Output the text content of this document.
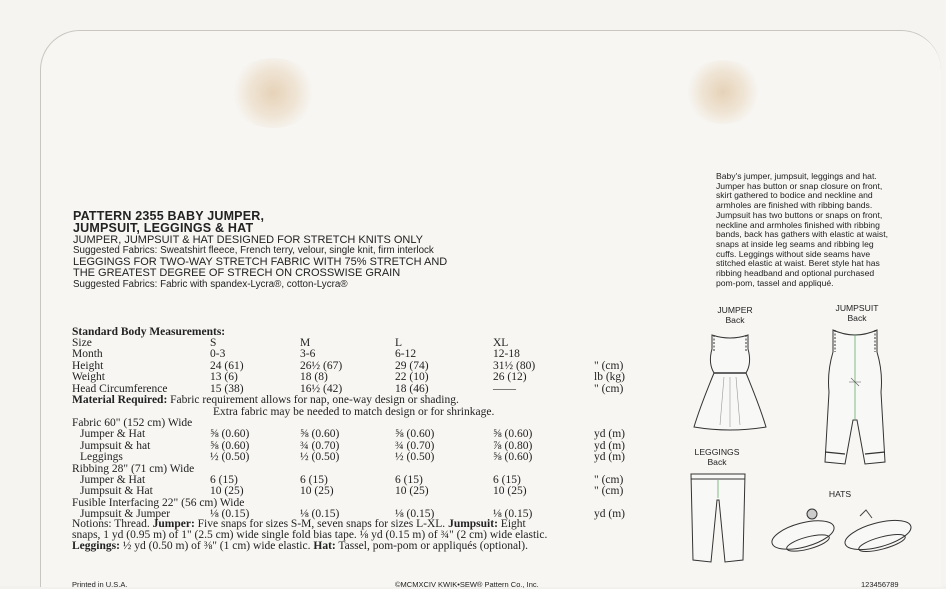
PATTERN 2355 BABY JUMPER,
JUMPSUIT, LEGGINGS & HAT
JUMPER, JUMPSUIT & HAT DESIGNED FOR STRETCH KNITS ONLY
Suggested Fabrics: Sweatshirt fleece, French terry, velour, single knit, firm interlock
LEGGINGS FOR TWO-WAY STRETCH FABRIC WITH 75% STRETCH AND
THE GREATEST DEGREE OF STRECH ON CROSSWISE GRAIN
Suggested Fabrics: Fabric with spandex-Lycra®, cotton-Lycra®
Standard Body Measurements:
Size	S	M	L	XL
Month	0-3	3-6	6-12	12-18
Height	24 (61)	26½ (67)	29 (74)	31½ (80)	" (cm)
Weight	13 (6)	18 (8)	22 (10)	26 (12)	lb (kg)
Head Circumference	15 (38)	16½ (42)	18 (46)	——	" (cm)
Material Required: Fabric requirement allows for nap, one-way design or shading.
Extra fabric may be needed to match design or for shrinkage.
Fabric 60" (152 cm) Wide
Jumper & Hat	⅝ (0.60)	⅝ (0.60)	⅝ (0.60)	⅝ (0.60)	yd (m)
Jumpsuit & hat	⅝ (0.60)	¾ (0.70)	¾ (0.70)	⅞ (0.80)	yd (m)
Leggings	½ (0.50)	½ (0.50)	½ (0.50)	⅝ (0.60)	yd (m)
Ribbing 28" (71 cm) Wide
Jumper & Hat	6 (15)	6 (15)	6 (15)	6 (15)	" (cm)
Jumpsuit & Hat	10 (25)	10 (25)	10 (25)	10 (25)	" (cm)
Fusible Interfacing 22" (56 cm) Wide
Jumpsuit & Jumper	⅛ (0.15)	⅛ (0.15)	⅛ (0.15)	⅛ (0.15)	yd (m)
Notions: Thread. Jumper: Five snaps for sizes S-M, seven snaps for sizes L-XL. Jumpsuit: Eight
snaps, 1 yd (0.95 m) of 1" (2.5 cm) wide single fold bias tape. ⅛ yd (0.15 m) of ¾" (2 cm) wide elastic.
Leggings: ½ yd (0.50 m) of ⅜" (1 cm) wide elastic. Hat: Tassel, pom-pom or appliqués (optional).
Baby's jumper, jumpsuit, leggings and hat.
Jumper has button or snap closure on front,
skirt gathered to bodice and neckline and
armholes are finished with ribbing bands.
Jumpsuit has two buttons or snaps on front,
neckline and armholes finished with ribbing
bands, back has gathers with elastic at waist,
snaps at inside leg seams and ribbing leg
cuffs. Leggings without side seams have
stitched elastic at waist. Beret style hat has
ribbing headband and optional purchased
pom-pom, tassel and appliqué.
JUMPER
Back
JUMPSUIT
Back
LEGGINGS
Back
HATS
Printed in U.S.A.	©MCMXCIV KWIK•SEW® Pattern Co., Inc.	123456789
